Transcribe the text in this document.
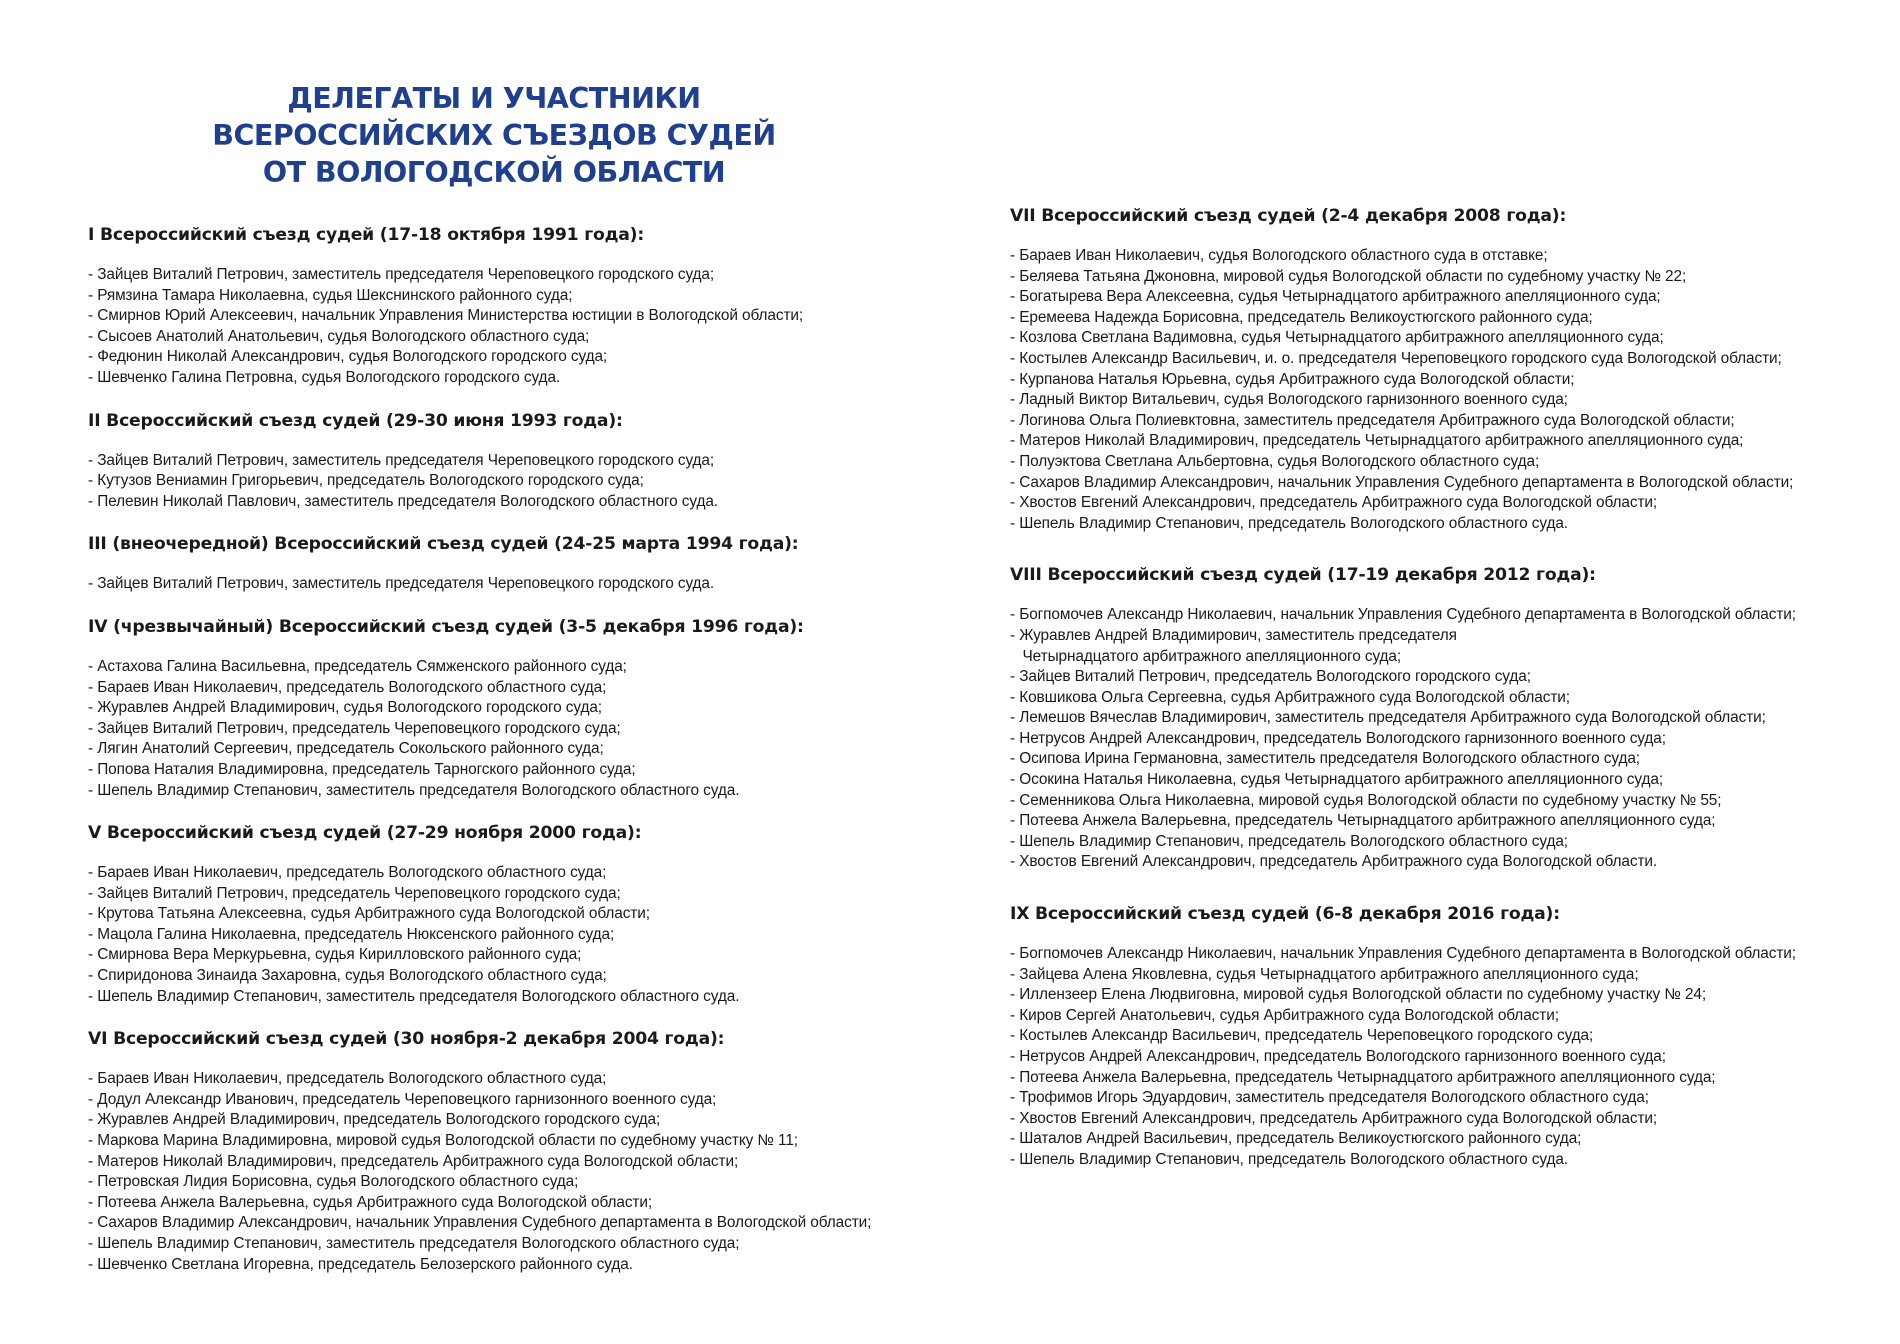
ДЕЛЕГАТЫ И УЧАСТНИКИ
ВСЕРОССИЙСКИХ СЪЕЗДОВ СУДЕЙ
ОТ ВОЛОГОДСКОЙ ОБЛАСТИ
I Всероссийский съезд судей (17-18 октября 1991 года):
- Зайцев Виталий Петрович, заместитель председателя Череповецкого городского суда;
- Рямзина Тамара Николаевна, судья Шекснинского районного суда;
- Смирнов Юрий Алексеевич, начальник Управления Министерства юстиции в Вологодской области;
- Сысоев Анатолий Анатольевич, судья Вологодского областного суда;
- Федюнин Николай Александрович, судья Вологодского городского суда;
- Шевченко Галина Петровна, судья Вологодского городского суда.
II Всероссийский съезд судей (29-30 июня 1993 года):
- Зайцев Виталий Петрович, заместитель председателя Череповецкого городского суда;
- Кутузов Вениамин Григорьевич, председатель Вологодского городского суда;
- Пелевин Николай Павлович, заместитель председателя Вологодского областного суда.
III (внеочередной) Всероссийский съезд судей (24-25 марта 1994 года):
- Зайцев Виталий Петрович, заместитель председателя Череповецкого городского суда.
IV (чрезвычайный) Всероссийский съезд судей (3-5 декабря 1996 года):
- Астахова Галина Васильевна, председатель Сямженского районного суда;
- Бараев Иван Николаевич, председатель Вологодского областного суда;
- Журавлев Андрей Владимирович, судья Вологодского городского суда;
- Зайцев Виталий Петрович, председатель Череповецкого городского суда;
- Лягин Анатолий Сергеевич, председатель Сокольского районного суда;
- Попова Наталия Владимировна, председатель Тарногского районного суда;
- Шепель Владимир Степанович, заместитель председателя Вологодского областного суда.
V Всероссийский съезд судей (27-29 ноября 2000 года):
- Бараев Иван Николаевич, председатель Вологодского областного суда;
- Зайцев Виталий Петрович, председатель Череповецкого городского суда;
- Крутова Татьяна Алексеевна, судья Арбитражного суда Вологодской области;
- Мацола Галина Николаевна, председатель Нюксенского районного суда;
- Смирнова Вера Меркурьевна, судья Кирилловского районного суда;
- Спиридонова Зинаида Захаровна, судья Вологодского областного суда;
- Шепель Владимир Степанович, заместитель председателя Вологодского областного суда.
VI Всероссийский съезд судей (30 ноября-2 декабря 2004 года):
- Бараев Иван Николаевич, председатель Вологодского областного суда;
- Додул Александр Иванович, председатель Череповецкого гарнизонного военного суда;
- Журавлев Андрей Владимирович, председатель Вологодского городского суда;
- Маркова Марина Владимировна, мировой судья Вологодской области по судебному участку № 11;
- Матеров Николай Владимирович, председатель Арбитражного суда Вологодской области;
- Петровская Лидия Борисовна, судья Вологодского областного суда;
- Потеева Анжела Валерьевна, судья Арбитражного суда Вологодской области;
- Сахаров Владимир Александрович, начальник Управления Судебного департамента в Вологодской области;
- Шепель Владимир Степанович, заместитель председателя Вологодского областного суда;
- Шевченко Светлана Игоревна, председатель Белозерского районного суда.
VII Всероссийский съезд судей (2-4 декабря 2008 года):
- Бараев Иван Николаевич, судья Вологодского областного суда в отставке;
- Беляева Татьяна Джоновна, мировой судья Вологодской области по судебному участку № 22;
- Богатырева Вера Алексеевна, судья Четырнадцатого арбитражного апелляционного суда;
- Еремеева Надежда Борисовна, председатель Великоустюгского районного суда;
- Козлова Светлана Вадимовна, судья Четырнадцатого арбитражного апелляционного суда;
- Костылев Александр Васильевич, и. о. председателя Череповецкого городского суда Вологодской области;
- Курпанова Наталья Юрьевна, судья Арбитражного суда Вологодской области;
- Ладный Виктор Витальевич, судья Вологодского гарнизонного военного суда;
- Логинова Ольга Полиевктовна, заместитель председателя Арбитражного суда Вологодской области;
- Матеров Николай Владимирович, председатель Четырнадцатого арбитражного апелляционного суда;
- Полуэктова Светлана Альбертовна, судья Вологодского областного суда;
- Сахаров Владимир Александрович, начальник Управления Судебного департамента в Вологодской области;
- Хвостов Евгений Александрович, председатель Арбитражного суда Вологодской области;
- Шепель Владимир Степанович, председатель Вологодского областного суда.
VIII Всероссийский съезд судей (17-19 декабря 2012 года):
- Богпомочев Александр Николаевич, начальник Управления Судебного департамента в Вологодской области;
- Журавлев Андрей Владимирович, заместитель председателя
Четырнадцатого арбитражного апелляционного суда;
- Зайцев Виталий Петрович, председатель Вологодского городского суда;
- Ковшикова Ольга Сергеевна, судья Арбитражного суда Вологодской области;
- Лемешов Вячеслав Владимирович, заместитель председателя Арбитражного суда Вологодской области;
- Нетрусов Андрей Александрович, председатель Вологодского гарнизонного военного суда;
- Осипова Ирина Германовна, заместитель председателя Вологодского областного суда;
- Осокина Наталья Николаевна, судья Четырнадцатого арбитражного апелляционного суда;
- Семенникова Ольга Николаевна, мировой судья Вологодской области по судебному участку № 55;
- Потеева Анжела Валерьевна, председатель Четырнадцатого арбитражного апелляционного суда;
- Шепель Владимир Степанович, председатель Вологодского областного суда;
- Хвостов Евгений Александрович, председатель Арбитражного суда Вологодской области.
IX Всероссийский съезд судей (6-8 декабря 2016 года):
- Богпомочев Александр Николаевич, начальник Управления Судебного департамента в Вологодской области;
- Зайцева Алена Яковлевна, судья Четырнадцатого арбитражного апелляционного суда;
- Иллензеер Елена Людвиговна, мировой судья Вологодской области по судебному участку № 24;
- Киров Сергей Анатольевич, судья Арбитражного суда Вологодской области;
- Костылев Александр Васильевич, председатель Череповецкого городского суда;
- Нетрусов Андрей Александрович, председатель Вологодского гарнизонного военного суда;
- Потеева Анжела Валерьевна, председатель Четырнадцатого арбитражного апелляционного суда;
- Трофимов Игорь Эдуардович, заместитель председателя Вологодского областного суда;
- Хвостов Евгений Александрович, председатель Арбитражного суда Вологодской области;
- Шаталов Андрей Васильевич, председатель Великоустюгского районного суда;
- Шепель Владимир Степанович, председатель Вологодского областного суда.
